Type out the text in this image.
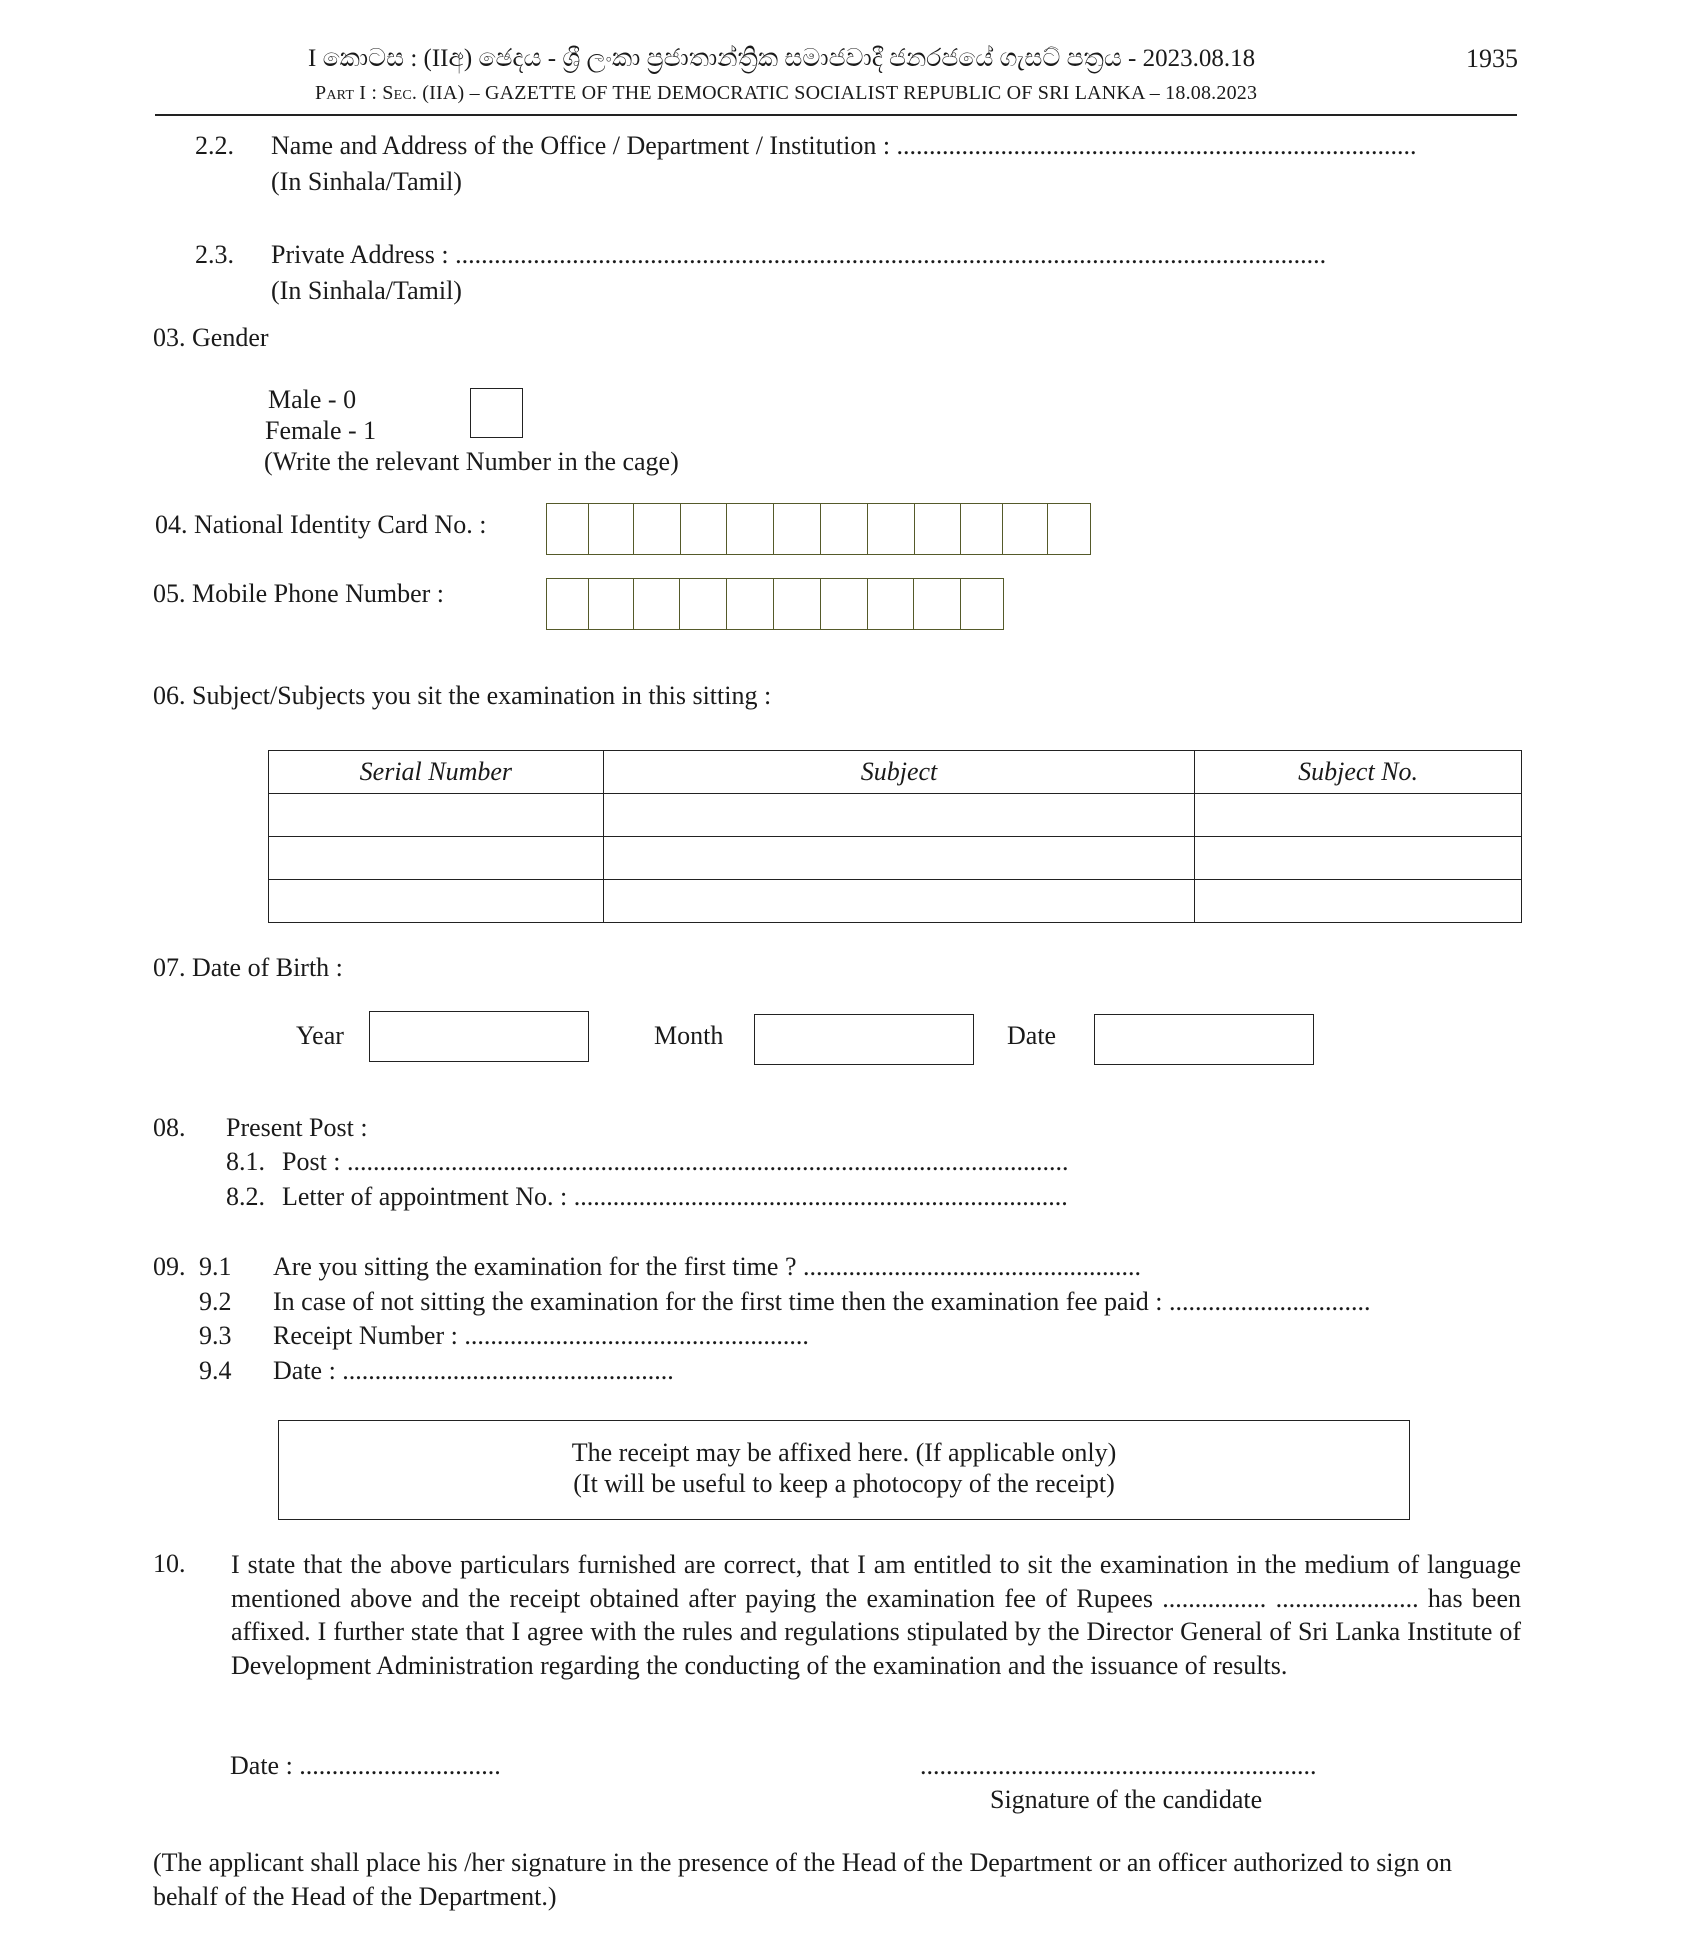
I කොටස : (IIඅ) ඡෙදය - ශ්‍රී ලංකා ප්‍රජාතාන්ත්‍රික සමාජවාදී ජනරජයේ ගැසට් පත්‍රය - 2023.08.18	1935
Part I : Sec. (IIA) – GAZETTE OF THE DEMOCRATIC SOCIALIST REPUBLIC OF SRI LANKA – 18.08.2023
2.2. Name and Address of the Office / Department / Institution : ................................................................................
(In Sinhala/Tamil)
2.3. Private Address : ......................................................................................................................................
(In Sinhala/Tamil)
03. Gender
Male - 0
Female - 1
(Write the relevant Number in the cage)
04. National Identity Card No. :
05. Mobile Phone Number :
06. Subject/Subjects you sit the examination in this sitting :
Serial Number	Subject	Subject No.

07. Date of Birth :
Year	Month	Date
08. Present Post :
8.1. Post : ...............................................................................................................
8.2. Letter of appointment No. : ............................................................................
09. 9.1 Are you sitting the examination for the first time ? ....................................................
9.2 In case of not sitting the examination for the first time then the examination fee paid : ...............................
9.3 Receipt Number : .....................................................
9.4 Date : ...................................................
The receipt may be affixed here. (If applicable only)
(It will be useful to keep a photocopy of the receipt)
10. I state that the above particulars furnished are correct, that I am entitled to sit the examination in the medium of language mentioned above and the receipt obtained after paying the examination fee of Rupees ................ ...................... has been affixed. I further state that I agree with the rules and regulations stipulated by the Director General of Sri Lanka Institute of Development Administration regarding the conducting of the examination and the issuance of results.
Date : ...............................	.............................................................
Signature of the candidate
(The applicant shall place his /her signature in the presence of the Head of the Department or an officer authorized to sign on behalf of the Head of the Department.)
